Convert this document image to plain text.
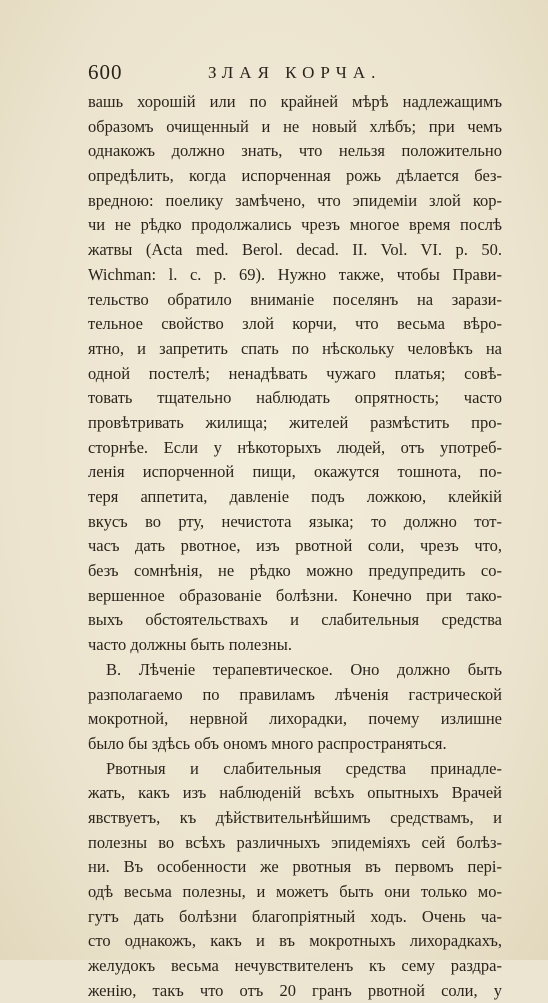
600	ЗЛАЯ КОРЧА.
вашь хорошій или по крайней мѣрѣ надлежащимъ
образомъ очищенный и не новый хлѣбъ; при чемъ
однакожъ должно знать, что нельзя положительно
опредѣлить, когда испорченная рожь дѣлается без-
вредною: поелику замѣчено, что эпидеміи злой кор-
чи не рѣдко продолжались чрезъ многое время послѣ
жатвы (Acta med. Berol. decad. II. Vol. VI. p. 50.
Wichman: l. c. p. 69). Нужно также, чтобы Прави-
тельство обратило вниманіе поселянъ на зарази-
тельное свойство злой корчи, что весьма вѣро-
ятно, и запретить спать по нѣскольку человѣкъ на
одной постелѣ; ненадѣвать чужаго платья; совѣ-
товать тщательно наблюдать опрятность; часто
провѣтривать жилища; жителей размѣстить про-
сторнѣе. Если у нѣкоторыхъ людей, отъ употреб-
ленія испорченной пищи, окажутся тошнота, по-
теря аппетита, давленіе подъ ложкою, клейкій
вкусъ во рту, нечистота языка; то должно тот-
часъ дать рвотное, изъ рвотной соли, чрезъ что,
безъ сомнѣнія, не рѣдко можно предупредить со-
вершенное образованіе болѣзни. Конечно при тако-
выхъ обстоятельствахъ и слабительныя средства
часто должны быть полезны.
В. Лѣченіе терапевтическое. Оно должно быть
разполагаемо по правиламъ лѣченія гастрической
мокротной, нервной лихорадки, почему излишне
было бы здѣсь объ ономъ много распространяться.
Рвотныя и слабительныя средства принадле-
жать, какъ изъ наблюденій всѣхъ опытныхъ Врачей
явствуетъ, къ дѣйствительнѣйшимъ средствамъ, и
полезны во всѣхъ различныхъ эпидеміяхъ сей болѣз-
ни. Въ особенности же рвотныя въ первомъ пері-
одѣ весьма полезны, и можетъ быть они только мо-
гутъ дать болѣзни благопріятный ходъ. Очень ча-
сто однакожъ, какъ и въ мокротныхъ лихорадкахъ,
желудокъ весьма нечувствителенъ къ сему раздра-
женію, такъ что отъ 20 гранъ рвотной соли, у
